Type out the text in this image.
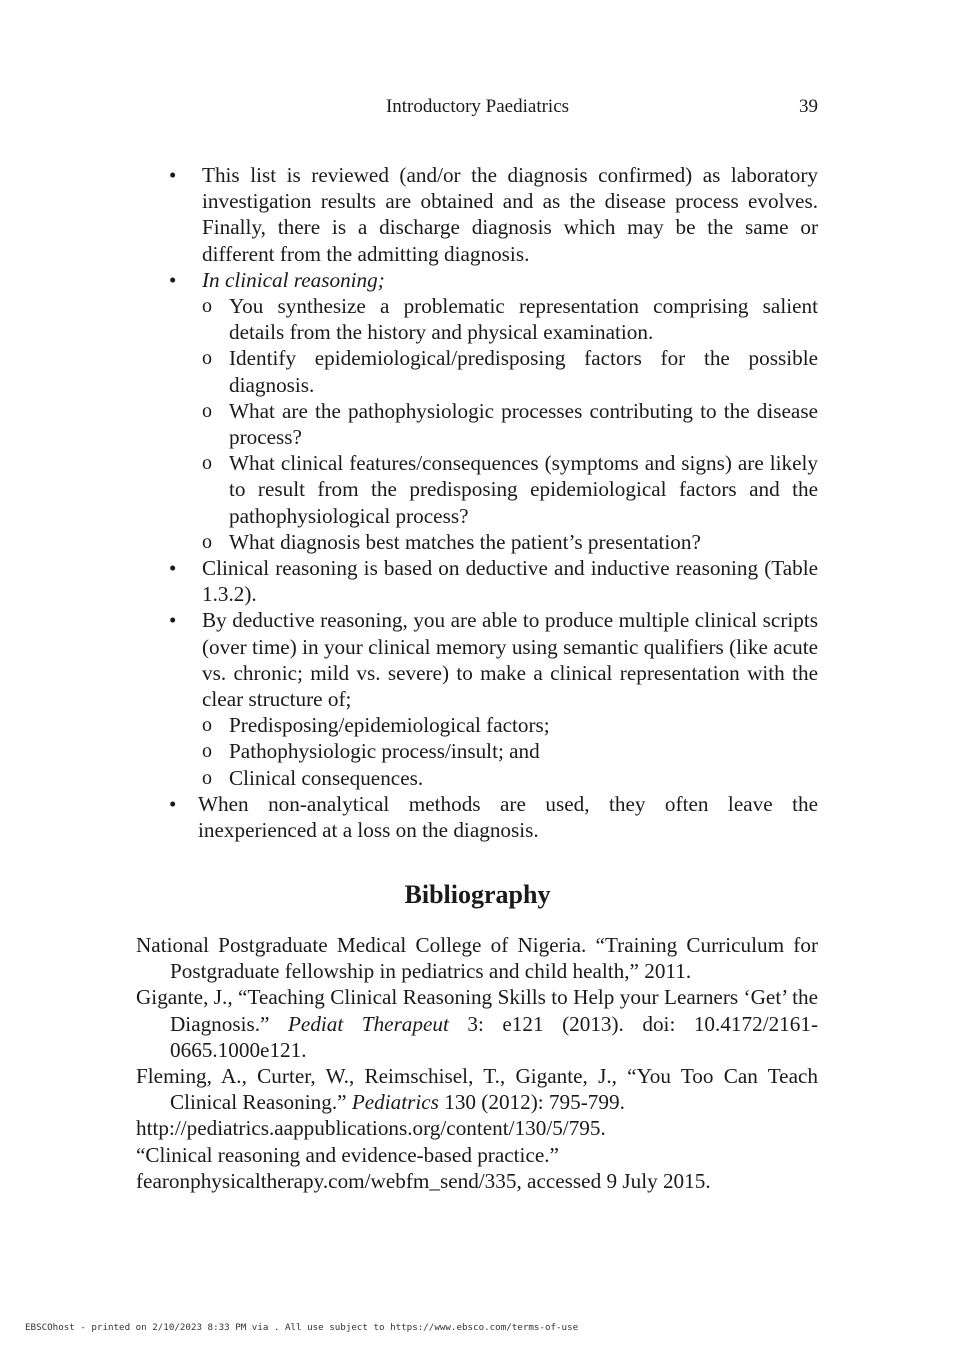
Introductory Paediatrics	39
• This list is reviewed (and/or the diagnosis confirmed) as laboratory investigation results are obtained and as the disease process evolves. Finally, there is a discharge diagnosis which may be the same or different from the admitting diagnosis.
• In clinical reasoning;
o You synthesize a problematic representation comprising salient details from the history and physical examination.
o Identify epidemiological/predisposing factors for the possible diagnosis.
o What are the pathophysiologic processes contributing to the disease process?
o What clinical features/consequences (symptoms and signs) are likely to result from the predisposing epidemiological factors and the pathophysiological process?
o What diagnosis best matches the patient’s presentation?
• Clinical reasoning is based on deductive and inductive reasoning (Table 1.3.2).
• By deductive reasoning, you are able to produce multiple clinical scripts (over time) in your clinical memory using semantic qualifiers (like acute vs. chronic; mild vs. severe) to make a clinical representation with the clear structure of;
o Predisposing/epidemiological factors;
o Pathophysiologic process/insult; and
o Clinical consequences.
• When non-analytical methods are used, they often leave the inexperienced at a loss on the diagnosis.
Bibliography
National Postgraduate Medical College of Nigeria. “Training Curriculum for Postgraduate fellowship in pediatrics and child health,” 2011.
Gigante, J., “Teaching Clinical Reasoning Skills to Help your Learners ‘Get’ the Diagnosis.” Pediat Therapeut 3: e121 (2013). doi: 10.4172/2161-0665.1000e121.
Fleming, A., Curter, W., Reimschisel, T., Gigante, J., “You Too Can Teach Clinical Reasoning.” Pediatrics 130 (2012): 795-799.
http://pediatrics.aappublications.org/content/130/5/795.
“Clinical reasoning and evidence-based practice.”
fearonphysicaltherapy.com/webfm_send/335, accessed 9 July 2015.
EBSCOhost - printed on 2/10/2023 8:33 PM via . All use subject to https://www.ebsco.com/terms-of-use
